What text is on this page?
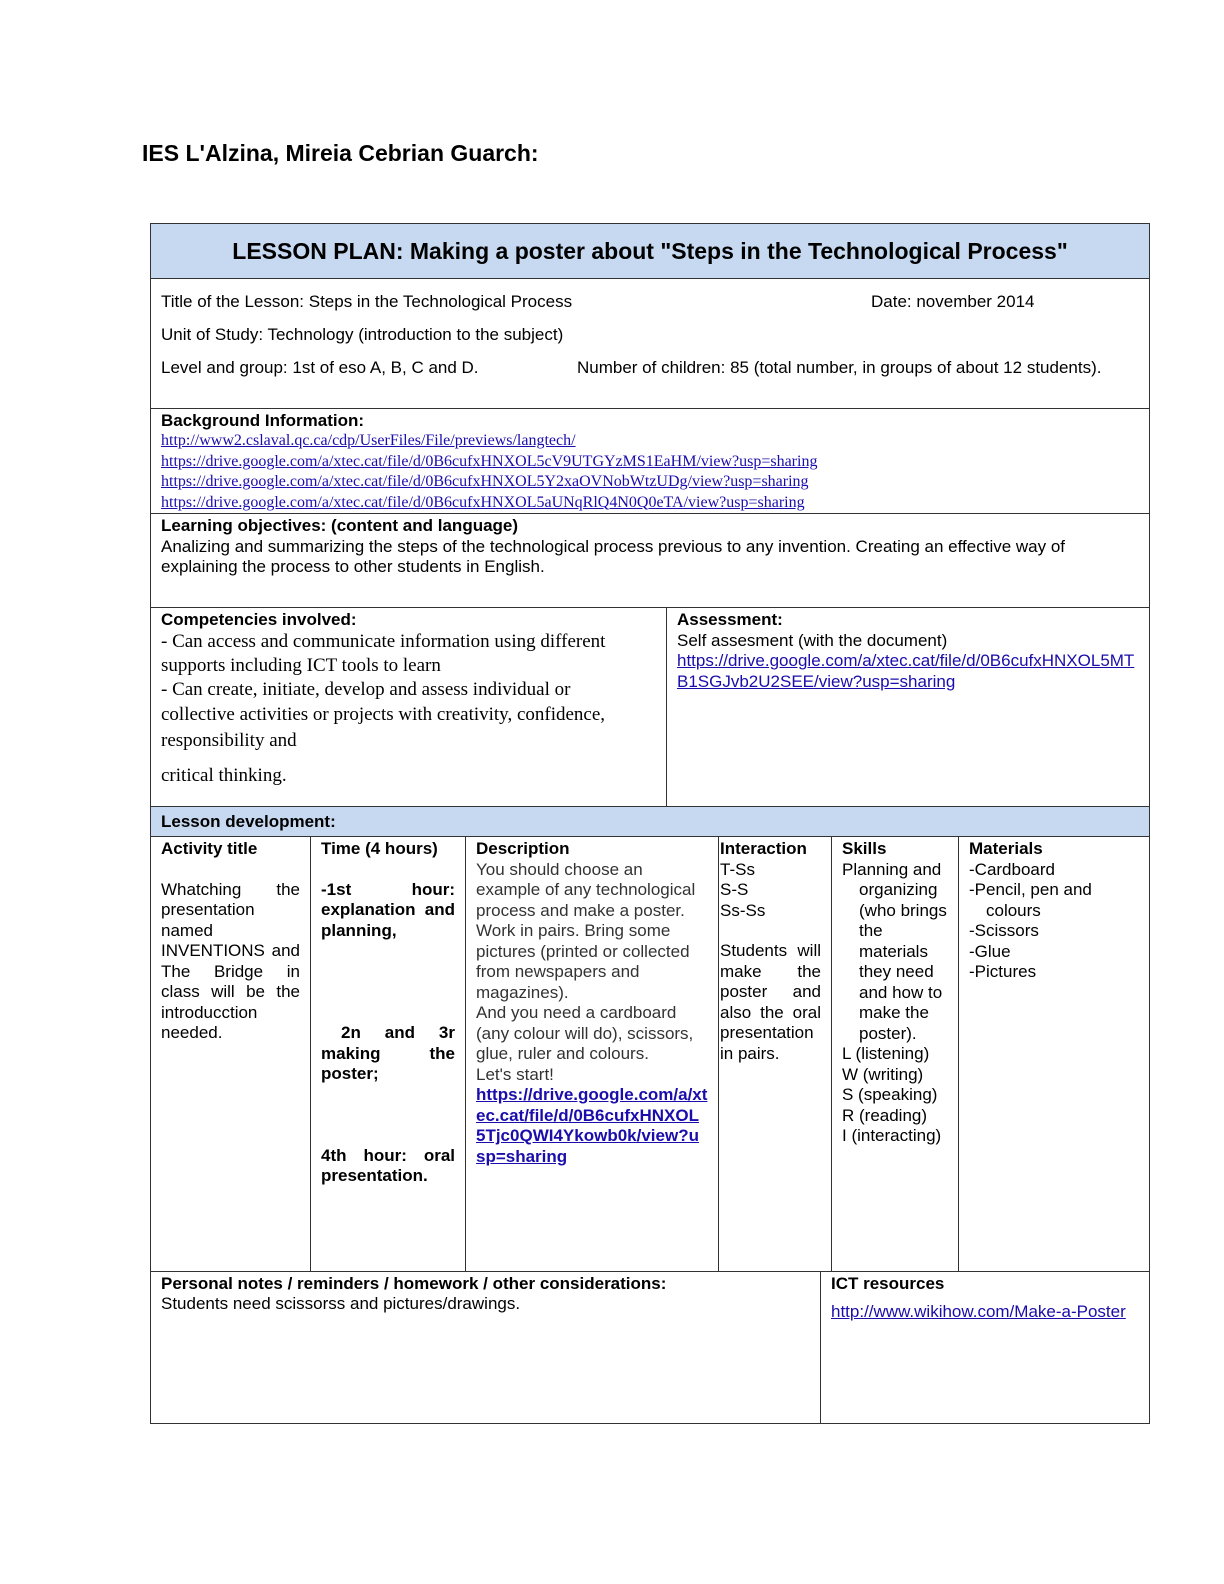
IES L'Alzina, Mireia Cebrian Guarch:
LESSON PLAN: Making a poster about "Steps in the Technological Process"
Title of the Lesson: Steps in the Technological Process	Date: november 2014
Unit of Study: Technology (introduction to the subject)
Level and group: 1st of eso A, B, C and D.	Number of children: 85 (total number, in groups of about 12 students).
Background Information:
http://www2.cslaval.qc.ca/cdp/UserFiles/File/previews/langtech/
https://drive.google.com/a/xtec.cat/file/d/0B6cufxHNXOL5cV9UTGYzMS1EaHM/view?usp=sharing
https://drive.google.com/a/xtec.cat/file/d/0B6cufxHNXOL5Y2xaOVNobWtzUDg/view?usp=sharing
https://drive.google.com/a/xtec.cat/file/d/0B6cufxHNXOL5aUNqRlQ4N0Q0eTA/view?usp=sharing
Learning objectives: (content and language)
Analizing and summarizing the steps of the technological process previous to any invention. Creating an effective way of explaining the process to other students in English.
Competencies involved:
- Can access and communicate information using different
supports including ICT tools to learn
- Can create, initiate, develop and assess individual or
collective activities or projects with creativity, confidence,
responsibility and
critical thinking.
Assessment:
Self assesment (with the document)
https://drive.google.com/a/xtec.cat/file/d/0B6cufxHNXOL5MTB1SGJvb2U2SEE/view?usp=sharing
Lesson development:
Activity title
Whatching the presentation named INVENTIONS and The Bridge in class will be the introducction needed.
Time (4 hours)
-1st hour: explanation and planning,
2n and 3r making the poster;
4th hour: oral presentation.
Description
You should choose an example of any technological process and make a poster. Work in pairs. Bring some pictures (printed or collected from newspapers and magazines).
And you need a cardboard (any colour will do), scissors, glue, ruler and colours.
Let's start!
https://drive.google.com/a/xtec.cat/file/d/0B6cufxHNXOL5Tjc0QWI4Ykowb0k/view?usp=sharing
Interaction
T-Ss
S-S
Ss-Ss
Students will make the poster and also the oral presentation in pairs.
Skills
Planning and
organizing (who brings the materials they need and how to make the poster).
L (listening)
W (writing)
S (speaking)
R (reading)
I (interacting)
Materials
-Cardboard
-Pencil, pen and
colours
-Scissors
-Glue
-Pictures
Personal notes / reminders / homework / other considerations:
Students need scissorss and pictures/drawings.
ICT resources
http://www.wikihow.com/Make-a-Poster
